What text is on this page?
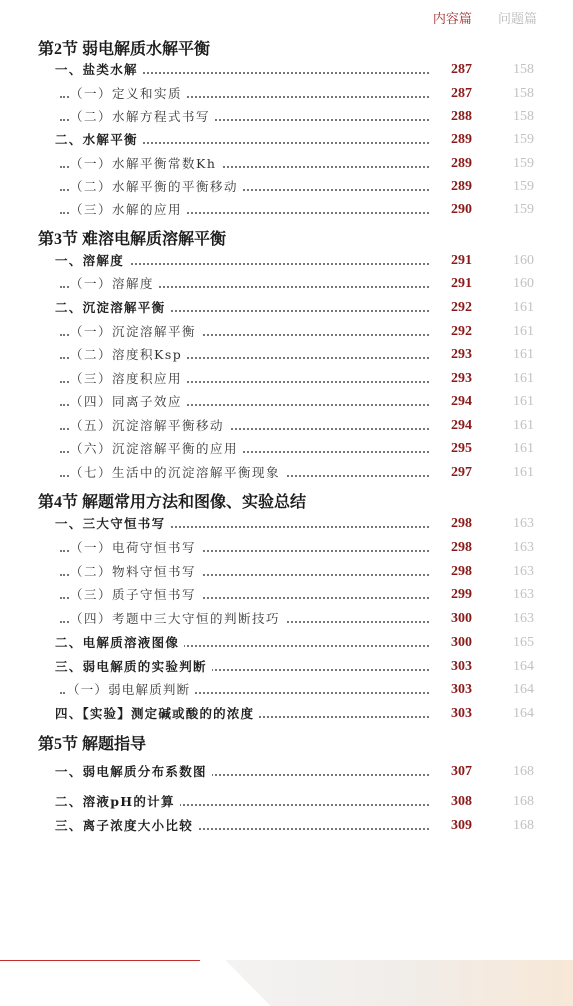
内容篇 问题篇
第2节 弱电解质水解平衡
一、盐类水解	287	158
（一）定义和实质	287	158
（二）水解方程式书写	288	158
二、水解平衡	289	159
（一）水解平衡常数Kh	289	159
（二）水解平衡的平衡移动	289	159
（三）水解的应用	290	159
第3节 难溶电解质溶解平衡
一、溶解度	291	160
（一）溶解度	291	160
二、沉淀溶解平衡	292	161
（一）沉淀溶解平衡	292	161
（二）溶度积Ksp	293	161
（三）溶度积应用	293	161
（四）同离子效应	294	161
（五）沉淀溶解平衡移动	294	161
（六）沉淀溶解平衡的应用	295	161
（七）生活中的沉淀溶解平衡现象	297	161
第4节 解题常用方法和图像、实验总结
一、三大守恒书写	298	163
（一）电荷守恒书写	298	163
（二）物料守恒书写	298	163
（三）质子守恒书写	299	163
（四）考题中三大守恒的判断技巧	300	163
二、电解质溶液图像	300	165
三、弱电解质的实验判断	303	164
（一）弱电解质判断	303	164
四、【实验】测定碱或酸的的浓度	303	164
第5节 解题指导
一、弱电解质分布系数图	307	168
二、溶液pH的计算	308	168
三、离子浓度大小比较	309	168
